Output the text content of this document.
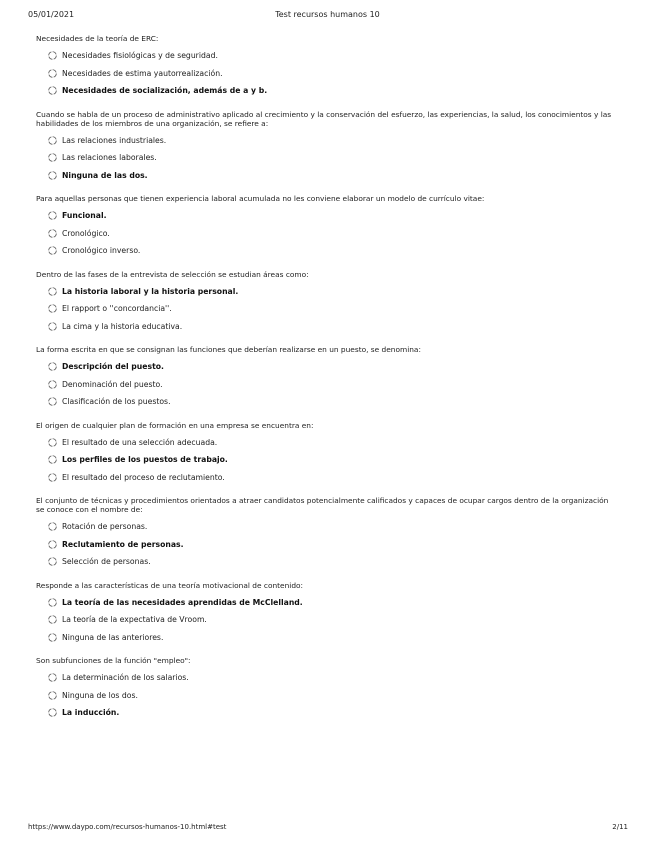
05/01/2021	Test recursos humanos 10
Necesidades de la teoría de ERC:
Necesidades fisiológicas y de seguridad.
Necesidades de estima yautorrealización.
Necesidades de socialización, además de a y b.
Cuando se habla de un proceso de administrativo aplicado al crecimiento y la conservación del esfuerzo, las experiencias, la salud, los conocimientos y las habilidades de los miembros de una organización, se refiere a:
Las relaciones industriales.
Las relaciones laborales.
Ninguna de las dos.
Para aquellas personas que tienen experiencia laboral acumulada no les conviene elaborar un modelo de currículo vitae:
Funcional.
Cronológico.
Cronológico inverso.
Dentro de las fases de la entrevista de selección se estudian áreas como:
La historia laboral y la historia personal.
El rapport o ''concordancia''.
La cima y la historia educativa.
La forma escrita en que se consignan las funciones que deberían realizarse en un puesto, se denomina:
Descripción del puesto.
Denominación del puesto.
Clasificación de los puestos.
El origen de cualquier plan de formación en una empresa se encuentra en:
El resultado de una selección adecuada.
Los perfiles de los puestos de trabajo.
El resultado del proceso de reclutamiento.
El conjunto de técnicas y procedimientos orientados a atraer candidatos potencialmente calificados y capaces de ocupar cargos dentro de la organización se conoce con el nombre de:
Rotación de personas.
Reclutamiento de personas.
Selección de personas.
Responde a las características de una teoría motivacional de contenido:
La teoría de las necesidades aprendidas de McClelland.
La teoría de la expectativa de Vroom.
Ninguna de las anteriores.
Son subfunciones de la función "empleo":
La determinación de los salarios.
Ninguna de los dos.
La inducción.
https://www.daypo.com/recursos-humanos-10.html#test	2/11
